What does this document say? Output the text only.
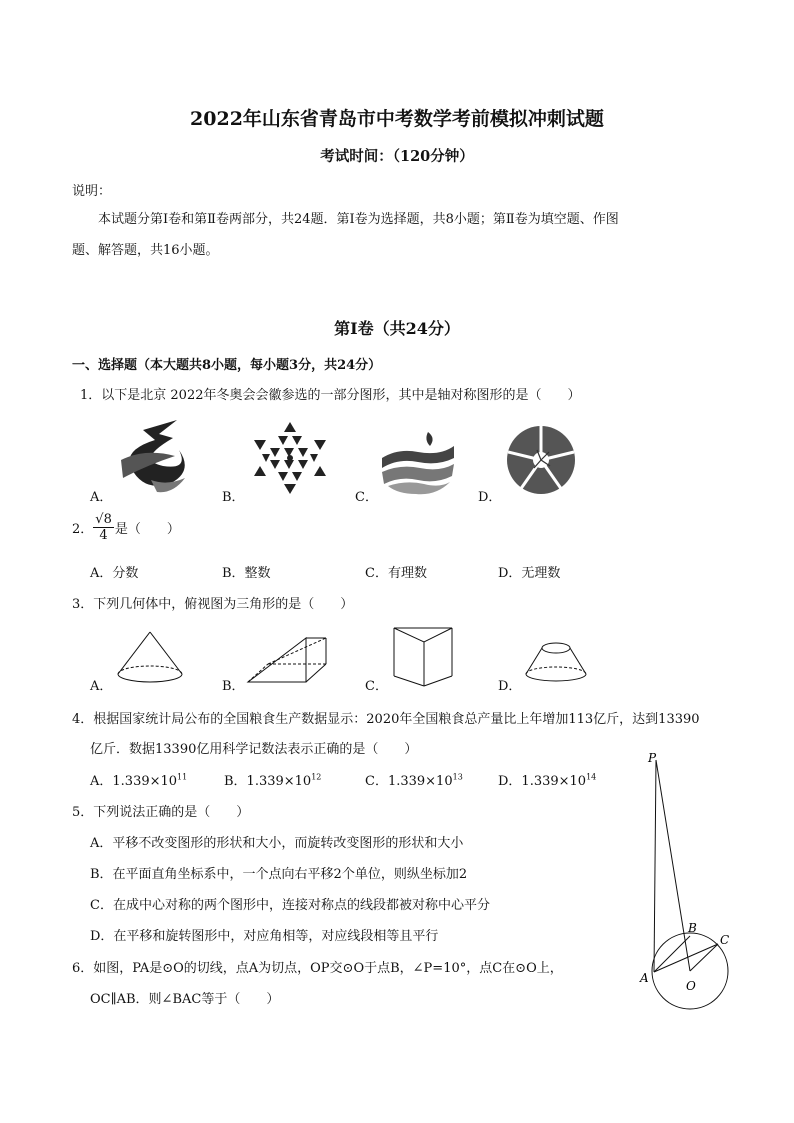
2022年山东省青岛市中考数学考前模拟冲刺试题
考试时间：（120分钟）
说明：
本试题分第Ⅰ卷和第Ⅱ卷两部分，共24题．第Ⅰ卷为选择题，共8小题；第Ⅱ卷为填空题、作图
题、解答题，共16小题。
第Ⅰ卷（共24分）
一、选择题（本大题共8小题，每小题3分，共24分）
1．以下是北京 2022年冬奥会会徽参选的一部分图形，其中是轴对称图形的是（　　）
A．	B．	C．	D．
2． $\frac{√8}{4}$ 是（　　）
A．分数	B．整数	C．有理数	D．无理数
3．下列几何体中，俯视图为三角形的是（　　）
A．	B．	C．	D．
4．根据国家统计局公布的全国粮食生产数据显示：2020年全国粮食总产量比上年增加113亿斤，达到13390
亿斤．数据13390亿用科学记数法表示正确的是（　　）
A．$1.339\times 10^{11}$	B．$1.339\times 10^{12}$	C．$1.339\times 10^{13}$	D．$1.339\times 10^{14}$
5．下列说法正确的是（　　）
A．平移不改变图形的形状和大小，而旋转改变图形的形状和大小
B．在平面直角坐标系中，一个点向右平移2个单位，则纵坐标加2
C．在成中心对称的两个图形中，连接对称点的线段都被对称中心平分
D．在平移和旋转图形中，对应角相等，对应线段相等且平行
6．如图，PA是⊙O的切线，点A为切点，OP交⊙O于点B，∠P=10°，点C在⊙O上，
OC∥AB．则∠BAC等于（　　）
P
A
B
C
O
